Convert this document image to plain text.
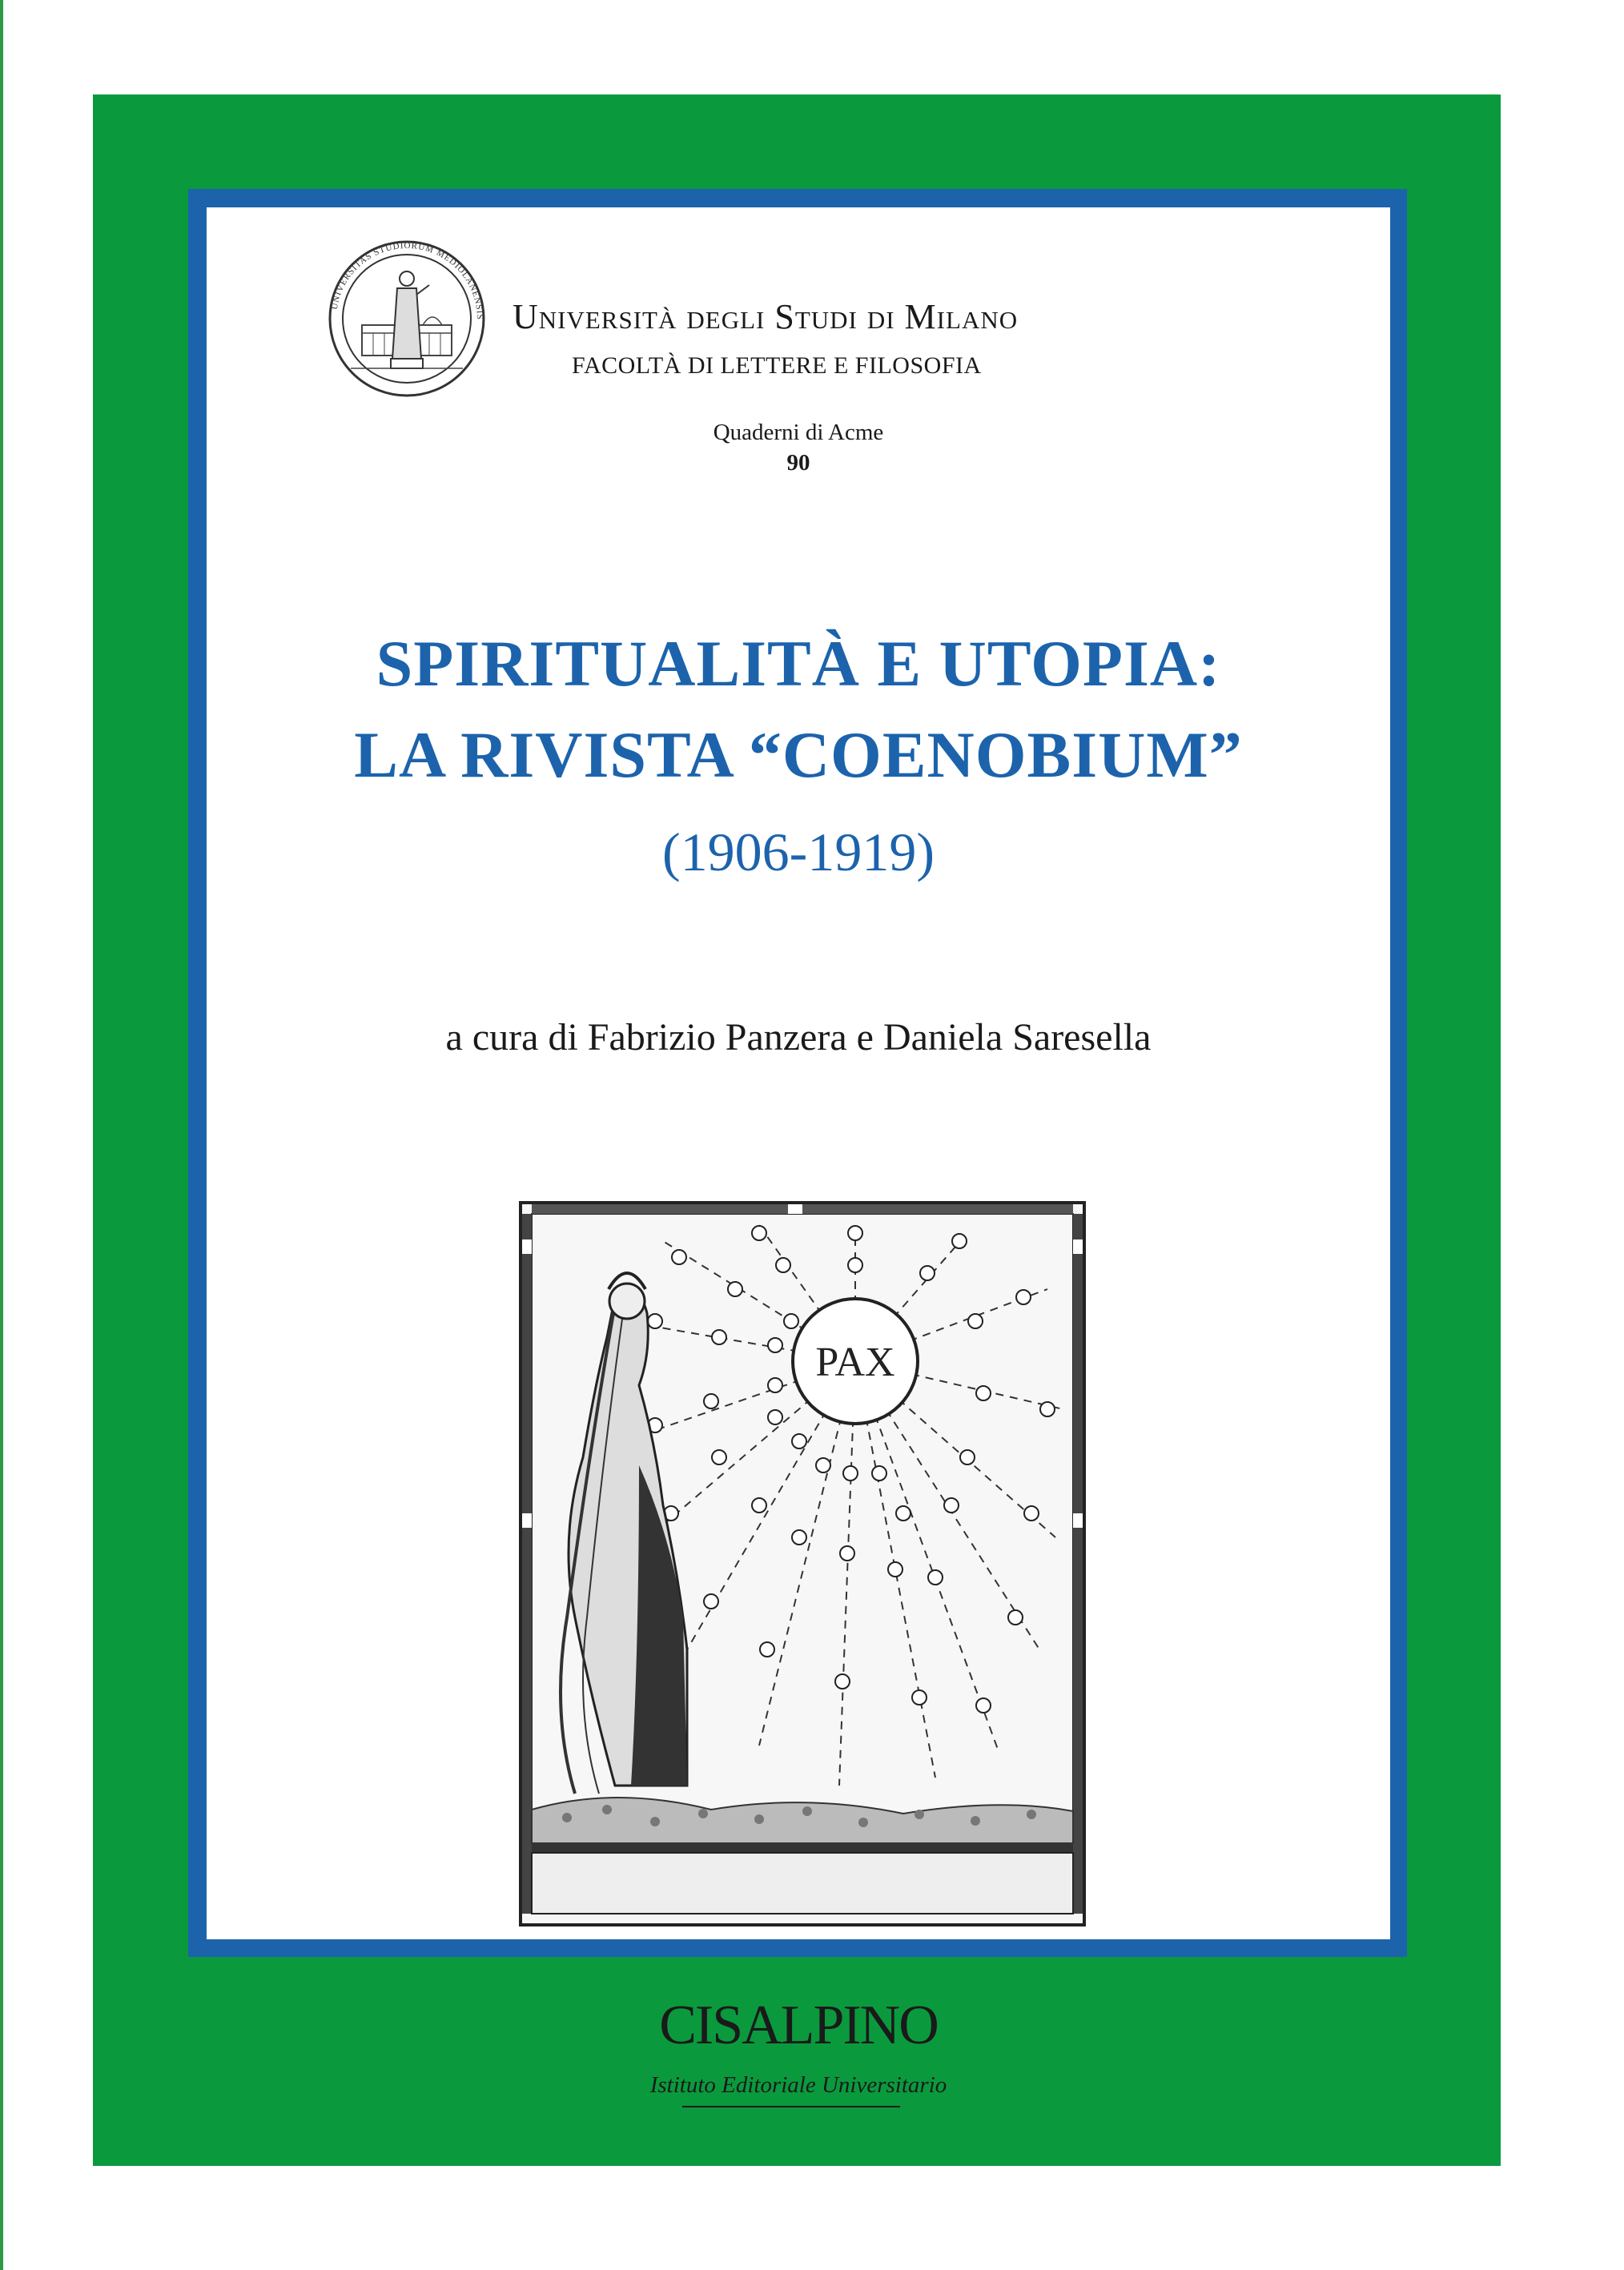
UNIVERSITAS STUDIORUM MEDIOLANENSIS Università degli Studi di Milano
FACOLTÀ DI LETTERE E FILOSOFIA
Quaderni di Acme
90
SPIRITUALITÀ E UTOPIA:
LA RIVISTA “COENOBIUM”
(1906-1919)
a cura di Fabrizio Panzera e Daniela Saresella
PAX
CISALPINO
Istituto Editoriale Universitario
